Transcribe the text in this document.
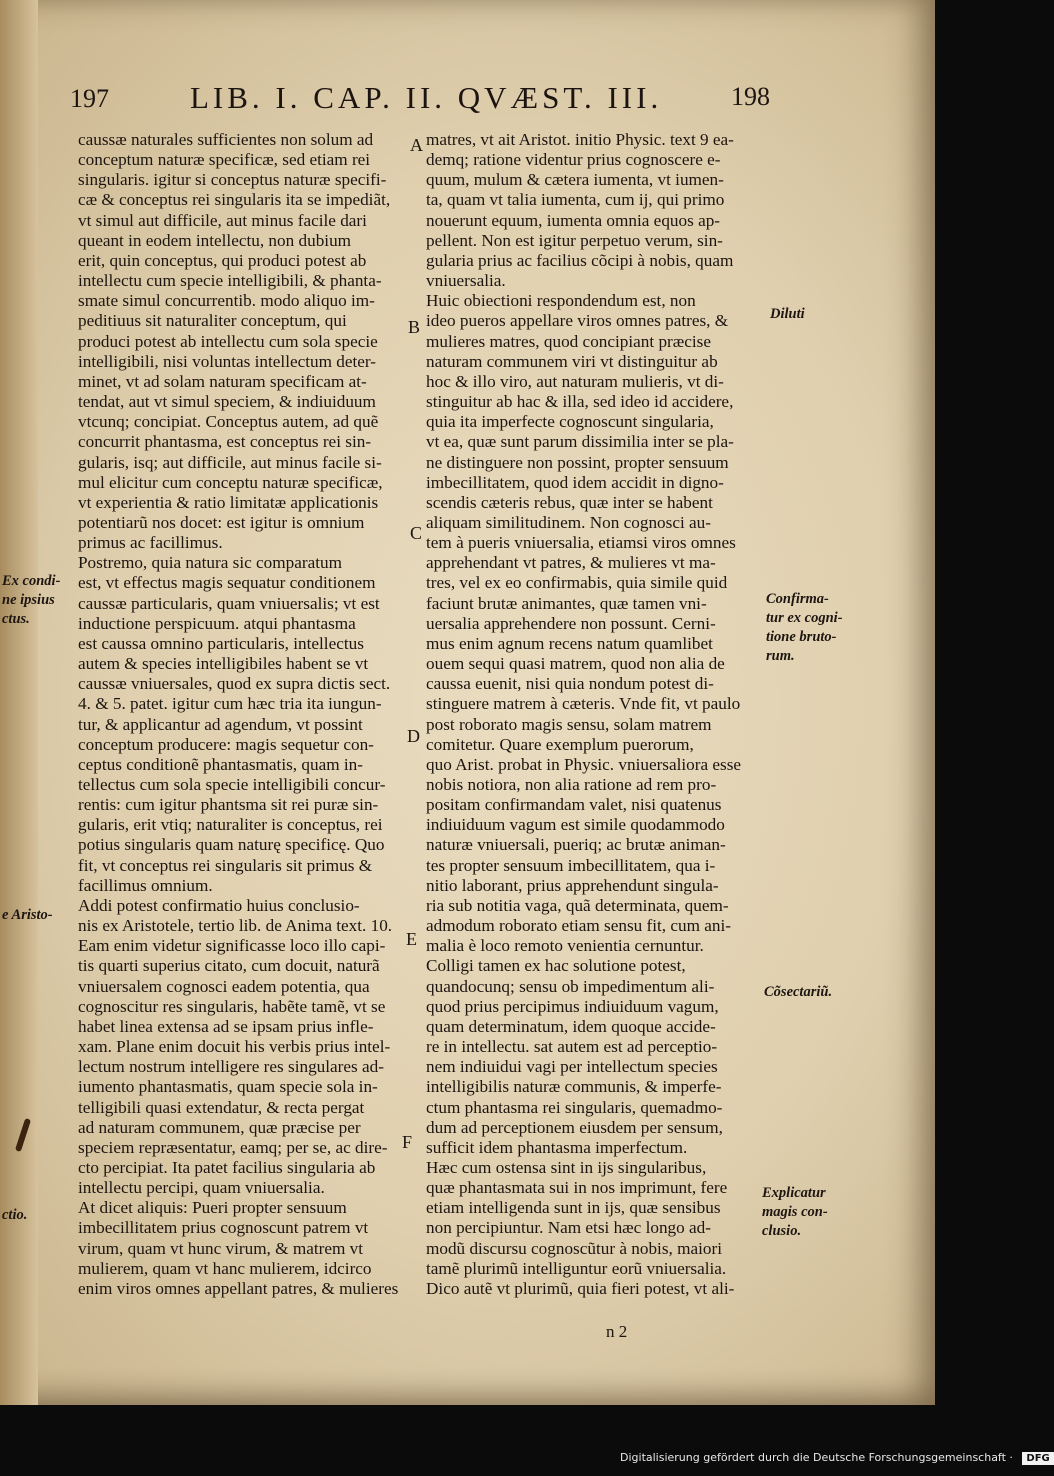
197	LIB. I. CAP. II. QVÆST. III.	198

caussæ naturales sufficientes non solum ad
conceptum naturæ specificæ, sed etiam rei
singularis. igitur si conceptus naturæ specifi-
cæ & conceptus rei singularis ita se impediãt,
vt simul aut difficile, aut minus facile dari
queant in eodem intellectu, non dubium
erit, quin conceptus, qui produci potest ab
intellectu cum specie intelligibili, & phanta-
smate simul concurrentib. modo aliquo im-
peditiuus sit naturaliter conceptum, qui
produci potest ab intellectu cum sola specie
intelligibili, nisi voluntas intellectum deter-
minet, vt ad solam naturam specificam at-
tendat, aut vt simul speciem, & indiuiduum
vtcunq; concipiat. Conceptus autem, ad quẽ
concurrit phantasma, est conceptus rei sin-
gularis, isq; aut difficile, aut minus facile si-
mul elicitur cum conceptu naturæ specificæ,
vt experientia & ratio limitatæ applicationis
potentiarũ nos docet: est igitur is omnium
primus ac facillimus.
Postremo, quia natura sic comparatum
est, vt effectus magis sequatur conditionem
caussæ particularis, quam vniuersalis; vt est
inductione perspicuum. atqui phantasma
est caussa omnino particularis, intellectus
autem & species intelligibiles habent se vt
caussæ vniuersales, quod ex supra dictis sect.
4. & 5. patet. igitur cum hæc tria ita iungun-
tur, & applicantur ad agendum, vt possint
conceptum producere: magis sequetur con-
ceptus conditionẽ phantasmatis, quam in-
tellectus cum sola specie intelligibili concur-
rentis: cum igitur phantsma sit rei puræ sin-
gularis, erit vtiq; naturaliter is conceptus, rei
potius singularis quam naturę specificę. Quo
fit, vt conceptus rei singularis sit primus &
facillimus omnium.
Addi potest confirmatio huius conclusio-
nis ex Aristotele, tertio lib. de Anima text. 10.
Eam enim videtur significasse loco illo capi-
tis quarti superius citato, cum docuit, naturã
vniuersalem cognosci eadem potentia, qua
cognoscitur res singularis, habẽte tamẽ, vt se
habet linea extensa ad se ipsam prius infle-
xam. Plane enim docuit his verbis prius intel-
lectum nostrum intelligere res singulares ad-
iumento phantasmatis, quam specie sola in-
telligibili quasi extendatur, & recta pergat
ad naturam communem, quæ præcise per
speciem repræsentatur, eamq; per se, ac dire-
cto percipiat. Ita patet facilius singularia ab
intellectu percipi, quam vniuersalia.
At dicet aliquis: Pueri propter sensuum
imbecillitatem prius cognoscunt patrem vt
virum, quam vt hunc virum, & matrem vt
mulierem, quam vt hanc mulierem, idcirco
enim viros omnes appellant patres, & mulieres

matres, vt ait Aristot. initio Physic. text 9 ea-
demq; ratione videntur prius cognoscere e-
quum, mulum & cætera iumenta, vt iumen-
ta, quam vt talia iumenta, cum ij, qui primo
nouerunt equum, iumenta omnia equos ap-
pellent. Non est igitur perpetuo verum, sin-
gularia prius ac facilius cõcipi à nobis, quam
vniuersalia.
Huic obiectioni respondendum est, non
ideo pueros appellare viros omnes patres, &
mulieres matres, quod concipiant præcise
naturam communem viri vt distinguitur ab
hoc & illo viro, aut naturam mulieris, vt di-
stinguitur ab hac & illa, sed ideo id accidere,
quia ita imperfecte cognoscunt singularia,
vt ea, quæ sunt parum dissimilia inter se pla-
ne distinguere non possint, propter sensuum
imbecillitatem, quod idem accidit in digno-
scendis cæteris rebus, quæ inter se habent
aliquam similitudinem. Non cognosci au-
tem à pueris vniuersalia, etiamsi viros omnes
apprehendant vt patres, & mulieres vt ma-
tres, vel ex eo confirmabis, quia simile quid
faciunt brutæ animantes, quæ tamen vni-
uersalia apprehendere non possunt. Cerni-
mus enim agnum recens natum quamlibet
ouem sequi quasi matrem, quod non alia de
caussa euenit, nisi quia nondum potest di-
stinguere matrem à cæteris. Vnde fit, vt paulo
post roborato magis sensu, solam matrem
comitetur. Quare exemplum puerorum,
quo Arist. probat in Physic. vniuersaliora esse
nobis notiora, non alia ratione ad rem pro-
positam confirmandam valet, nisi quatenus
indiuiduum vagum est simile quodammodo
naturæ vniuersali, pueriq; ac brutæ animan-
tes propter sensuum imbecillitatem, qua i-
nitio laborant, prius apprehendunt singula-
ria sub notitia vaga, quã determinata, quem-
admodum roborato etiam sensu fit, cum ani-
malia è loco remoto venientia cernuntur.
Colligi tamen ex hac solutione potest,
quandocunq; sensu ob impedimentum ali-
quod prius percipimus indiuiduum vagum,
quam determinatum, idem quoque accide-
re in intellectu. sat autem est ad perceptio-
nem indiuidui vagi per intellectum species
intelligibilis naturæ communis, & imperfe-
ctum phantasma rei singularis, quemadmo-
dum ad perceptionem eiusdem per sensum,
sufficit idem phantasma imperfectum.
Hæc cum ostensa sint in ijs singularibus,
quæ phantasmata sui in nos imprimunt, fere
etiam intelligenda sunt in ijs, quæ sensibus
non percipiuntur. Nam etsi hæc longo ad-
modũ discursu cognoscũtur à nobis, maiori
tamẽ plurimũ intelliguntur eorũ vniuersalia.
Dico autẽ vt plurimũ, quia fieri potest, vt ali-

A
B
C
D
E
F
Diluti
Confirma-
tur ex cogni-
tione bruto-
rum.
Cõsectariũ.
Explicatur
magis con-
clusio.
Ex condi-
ne ipsius
ctus.
e Aristo-
ctio.
n 2
Digitalisierung gefördert durch die Deutsche Forschungsgemeinschaft · DFG
